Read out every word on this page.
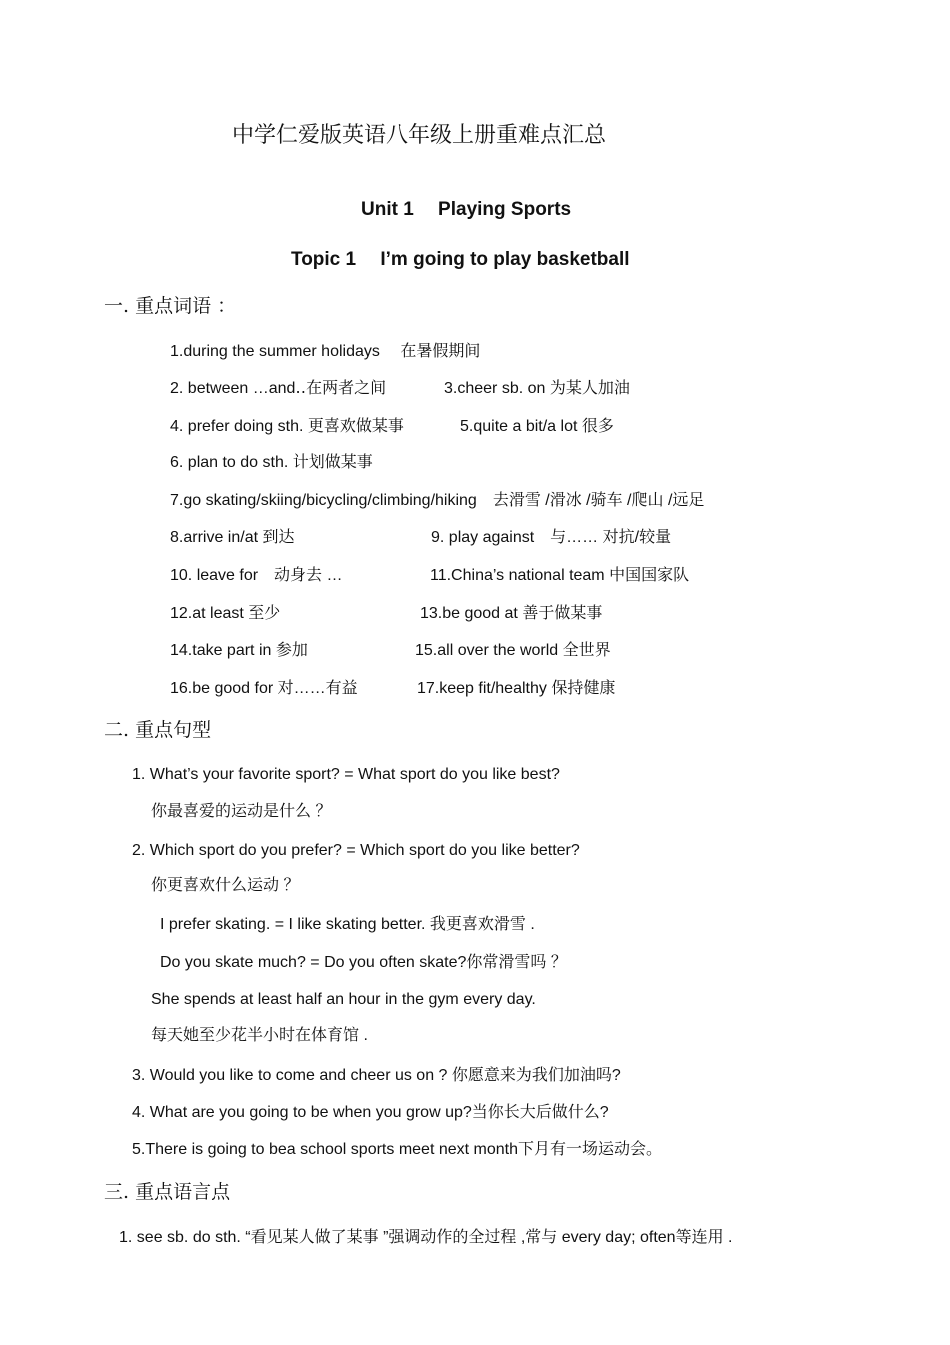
中学仁爱版英语八年级上册重难点汇总
Unit 1　 Playing Sports
Topic 1　 I’m going to play basketball
一. 重点词语 ：
1.during the summer holidays　 在暑假期间
2. between …and‥在两者之间	3.cheer sb. on 为某人加油
4. prefer doing sth. 更喜欢做某事	5.quite a bit/a lot 很多
6. plan to do sth. 计划做某事
7.go skating/skiing/bicycling/climbing/hiking　去滑雪 /滑冰 /骑车 /爬山 /远足
8.arrive in/at 到达	9. play against　与…… 对抗/较量
10. leave for　动身去 …	11.China’s national team 中国国家队
12.at least 至少	13.be good at 善于做某事
14.take part in 参加	15.all over the world 全世界
16.be good for 对……有益	17.keep fit/healthy 保持健康
二. 重点句型
1. What’s your favorite sport? = What sport do you like best?
你最喜爱的运动是什么 ？
2. Which sport do you prefer? = Which sport do you like better?
你更喜欢什么运动 ？
I prefer skating. = I like skating better. 我更喜欢滑雪 .
Do you skate much? = Do you often skate?你常滑雪吗 ？
She spends at least half an hour in the gym every day.
每天她至少花半小时在体育馆 .
3. Would you like to come and cheer us on ? 你愿意来为我们加油吗?
4. What are you going to be when you grow up?当你长大后做什么?
5.There is going to bea school sports meet next month下月有一场运动会。
三. 重点语言点
1. see sb. do sth. “看见某人做了某事 ”强调动作的全过程 ,常与 every day; often等连用 .
